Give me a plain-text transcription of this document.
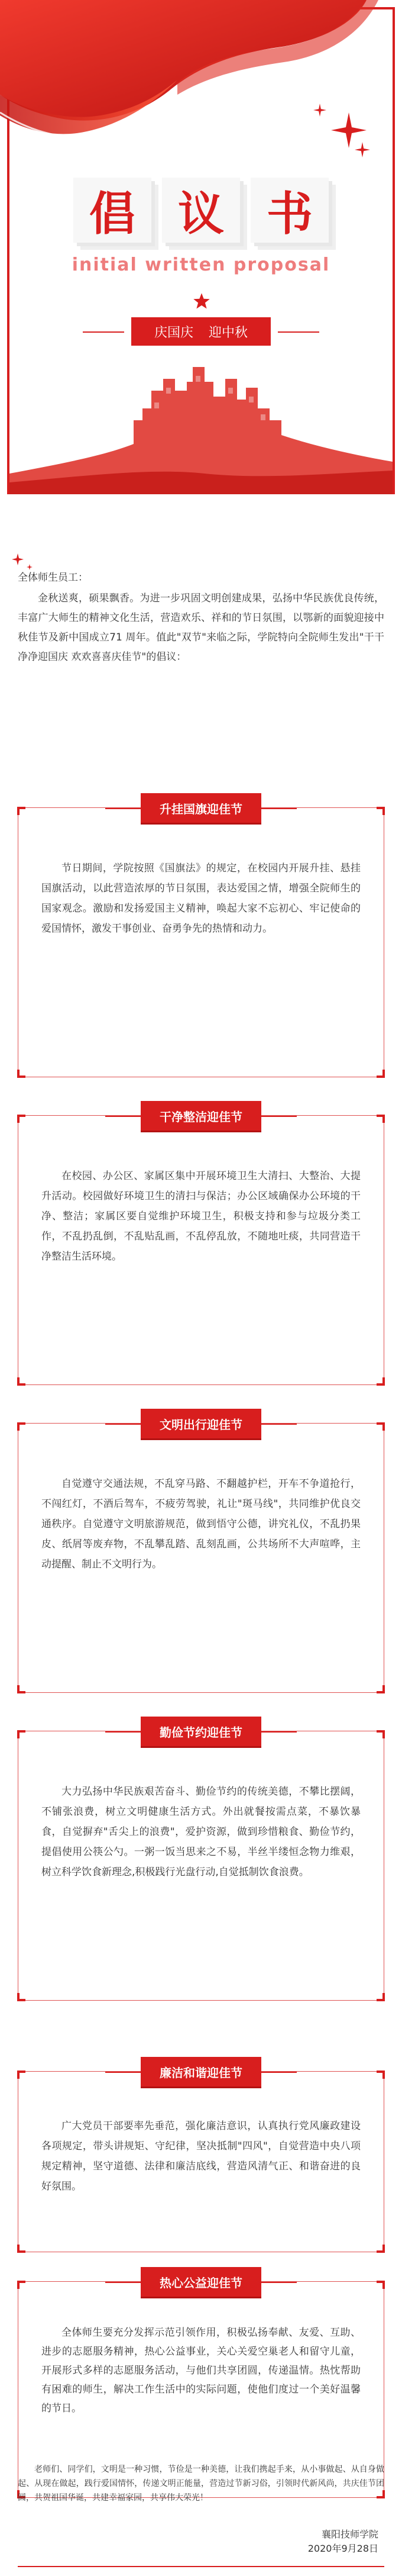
倡 议 书
initial written proposal
庆国庆 迎中秋

全体师生员工：

金秋送爽，硕果飘香。为进一步巩固文明创建成果，弘扬中华民族优良传统，丰富广大师生的精神文化生活，营造欢乐、祥和的节日氛围，以鄂新的面貌迎接中秋佳节及新中国成立71 周年。值此"双节"来临之际，学院特向全院师生发出"干干净净迎国庆 欢欢喜喜庆佳节"的倡议：

升挂国旗迎佳节
节日期间，学院按照《国旗法》的规定，在校园内开展升挂、悬挂国旗活动，以此营造浓厚的节日氛围，表达爱国之情，增强全院师生的国家观念。激励和发扬爱国主义精神，唤起大家不忘初心、牢记使命的爱国情怀，激发干事创业、奋勇争先的热情和动力。
干净整洁迎佳节
在校园、办公区、家属区集中开展环境卫生大清扫、大整治、大提升活动。校园做好环境卫生的清扫与保洁；办公区域确保办公环境的干净、整洁；家属区要自觉维护环境卫生，积极支持和参与垃圾分类工作，不乱扔乱倒，不乱贴乱画，不乱停乱放，不随地吐痰，共同营造干净整洁生活环境。
文明出行迎佳节
自觉遵守交通法规，不乱穿马路、不翻越护栏，开车不争道抢行，不闯红灯，不酒后驾车，不疲劳驾驶，礼让"斑马线"，共同维护优良交通秩序。自觉遵守文明旅游规范，做到悟守公德，讲究礼仪，不乱扔果皮、纸屑等废弃物，不乱攀乱踏、乱刻乱画，公共场所不大声喧哗，主动提醒、制止不文明行为。
勤俭节约迎佳节
大力弘扬中华民族艰苦奋斗、勤俭节约的传统美德，不攀比摆阔，不铺张浪费，树立文明健康生活方式。外出就餐按需点菜，不暴饮暴食，自觉摒弃"舌尖上的浪费"，爱护资源，做到珍惜粮食、勤俭节约，提倡使用公筷公勺。一粥一饭当思来之不易，半丝半缕恒念物力维艰，树立科学饮食新理念,积极践行光盘行动,自觉抵制饮食浪费。
廉洁和谐迎佳节
广大党员干部要率先垂范，强化廉洁意识，认真执行党风廉政建设各项规定，带头讲规矩、守纪律，坚决抵制"四风"，自觉营造中央八项规定精神，坚守道德、法律和廉洁底线，营造风清气正、和谐奋进的良好氛围。
热心公益迎佳节
全体师生要充分发挥示范引领作用，积极弘扬奉献、友爱、互助、进步的志愿服务精神，热心公益事业，关心关爱空巢老人和留守儿童，开展形式多样的志愿服务活动，与他们共享团圆，传递温情。热忱帮助有困难的师生，解决工作生活中的实际问题，使他们度过一个美好温馨的节日。
老师们、同学们，文明是一种习惯，节俭是一种美德，让我们携起手来，从小事做起、从自身做起、从现在做起，践行爱国情怀，传递文明正能量，营造过节新习俗，引领时代新风尚，共庆佳节团圆，共贺祖国华诞，共建幸福家园，共享伟大荣光！
襄阳技师学院
2020年9月28日
